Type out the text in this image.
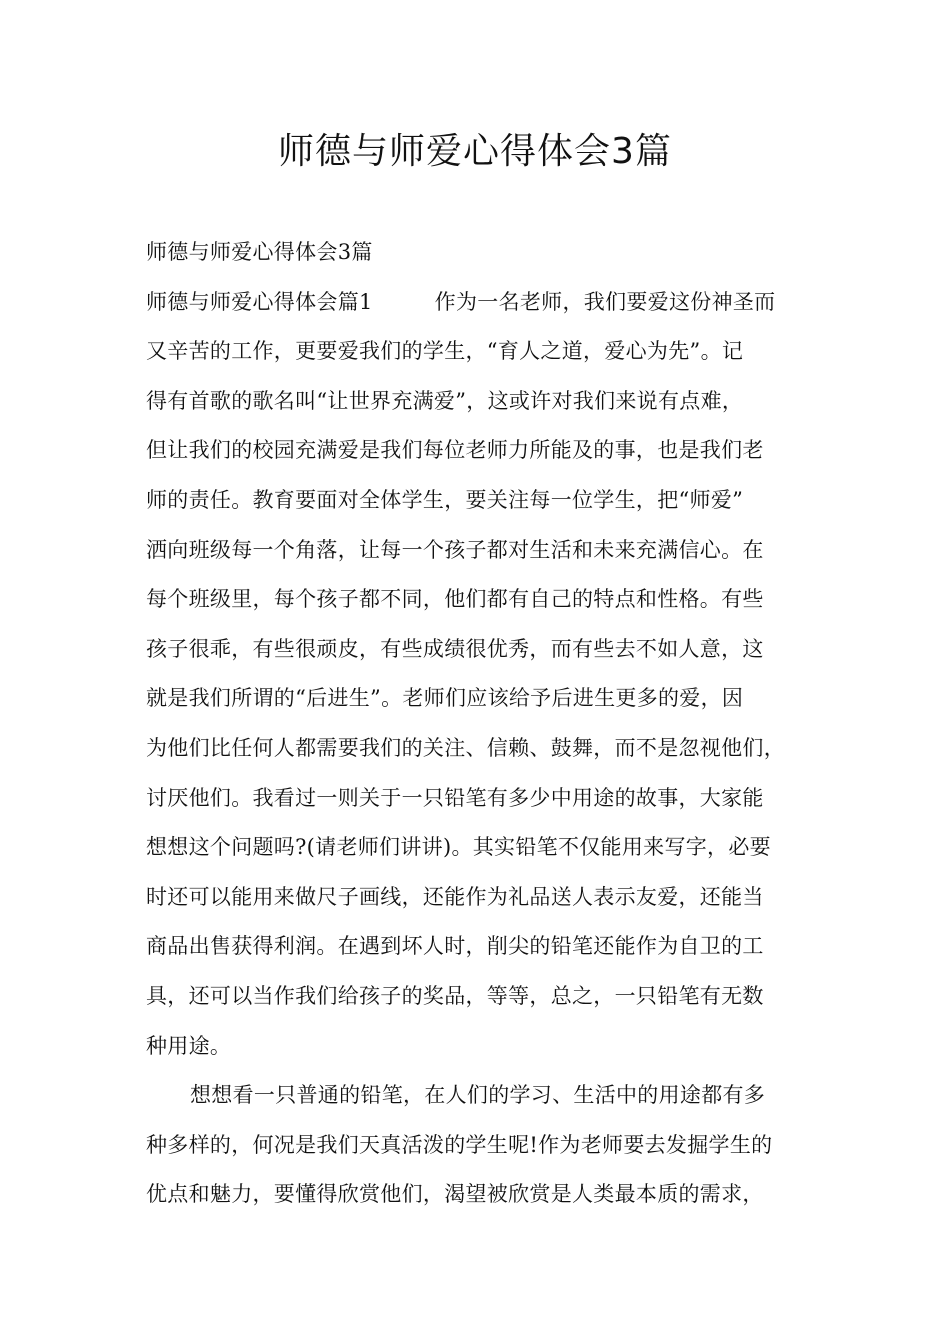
师德与师爱心得体会3篇
师德与师爱心得体会3篇
师德与师爱心得体会篇1	作为一名老师，我们要爱这份神圣而
又辛苦的工作，更要爱我们的学生，“育人之道，爱心为先”。记
得有首歌的歌名叫“让世界充满爱”，这或许对我们来说有点难，
但让我们的校园充满爱是我们每位老师力所能及的事，也是我们老
师的责任。教育要面对全体学生，要关注每一位学生，把“师爱”
洒向班级每一个角落，让每一个孩子都对生活和未来充满信心。在
每个班级里，每个孩子都不同，他们都有自己的特点和性格。有些
孩子很乖，有些很顽皮，有些成绩很优秀，而有些去不如人意，这
就是我们所谓的“后进生”。老师们应该给予后进生更多的爱，因
为他们比任何人都需要我们的关注、信赖、鼓舞，而不是忽视他们，
讨厌他们。我看过一则关于一只铅笔有多少中用途的故事，大家能
想想这个问题吗?(请老师们讲讲)。其实铅笔不仅能用来写字，必要
时还可以能用来做尺子画线，还能作为礼品送人表示友爱，还能当
商品出售获得利润。在遇到坏人时，削尖的铅笔还能作为自卫的工
具，还可以当作我们给孩子的奖品，等等，总之，一只铅笔有无数
种用途。
想想看一只普通的铅笔，在人们的学习、生活中的用途都有多
种多样的，何况是我们天真活泼的学生呢!作为老师要去发掘学生的
优点和魅力，要懂得欣赏他们，渴望被欣赏是人类最本质的需求，
